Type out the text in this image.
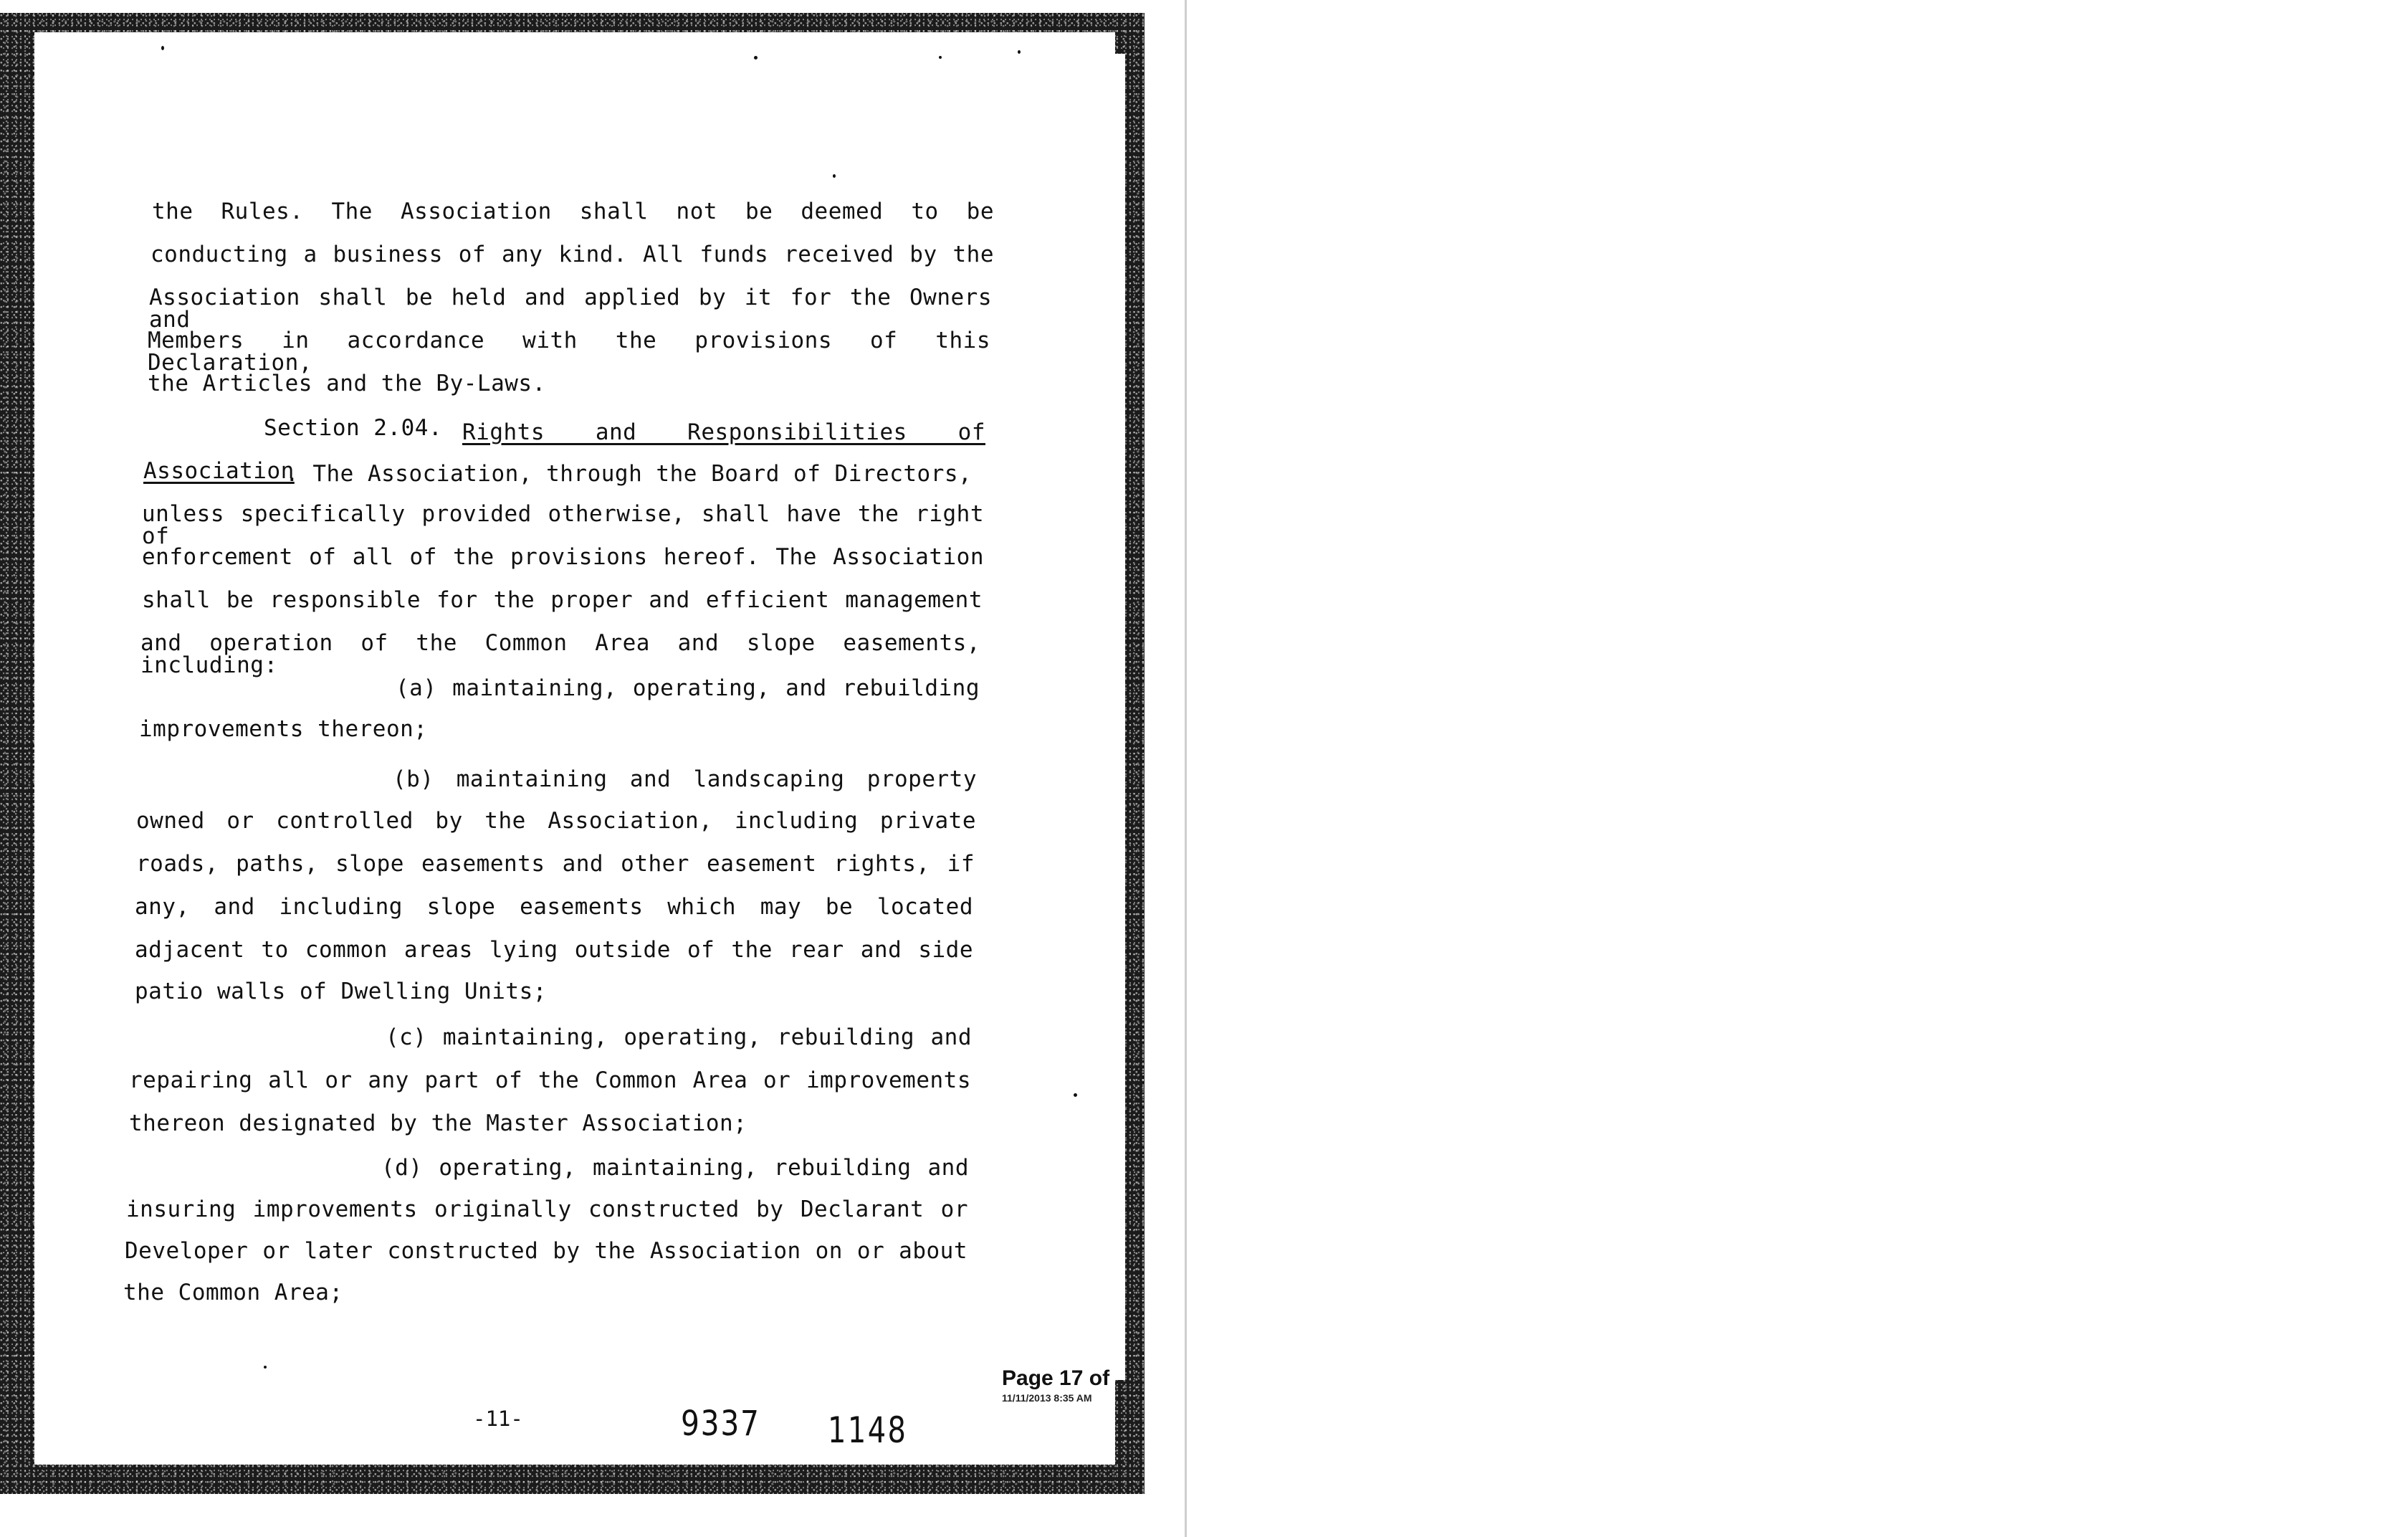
the Rules. The Association shall not be deemed to be
conducting a business of any kind. All funds received by the
Association shall be held and applied by it for the Owners and
Members in accordance with the provisions of this Declaration,
the Articles and the By-Laws.
Section 2.04. Rights and Responsibilities of
Association
. The Association, through the Board of Directors,
unless specifically provided otherwise, shall have the right of
enforcement of all of the provisions hereof. The Association
shall be responsible for the proper and efficient management
and operation of the Common Area and slope easements, including:
(a) maintaining, operating, and rebuilding
improvements thereon;
(b) maintaining and landscaping property
owned or controlled by the Association, including private
roads, paths, slope easements and other easement rights, if
any, and including slope easements which may be located
adjacent to common areas lying outside of the rear and side
patio walls of Dwelling Units;
(c) maintaining, operating, rebuilding and
repairing all or any part of the Common Area or improvements
thereon designated by the Master Association;
(d) operating, maintaining, rebuilding and
insuring improvements originally constructed by Declarant or
Developer or later constructed by the Association on or about
the Common Area;
-11-	9337 1148
Page 17 of
11/11/2013 8:35 AM
